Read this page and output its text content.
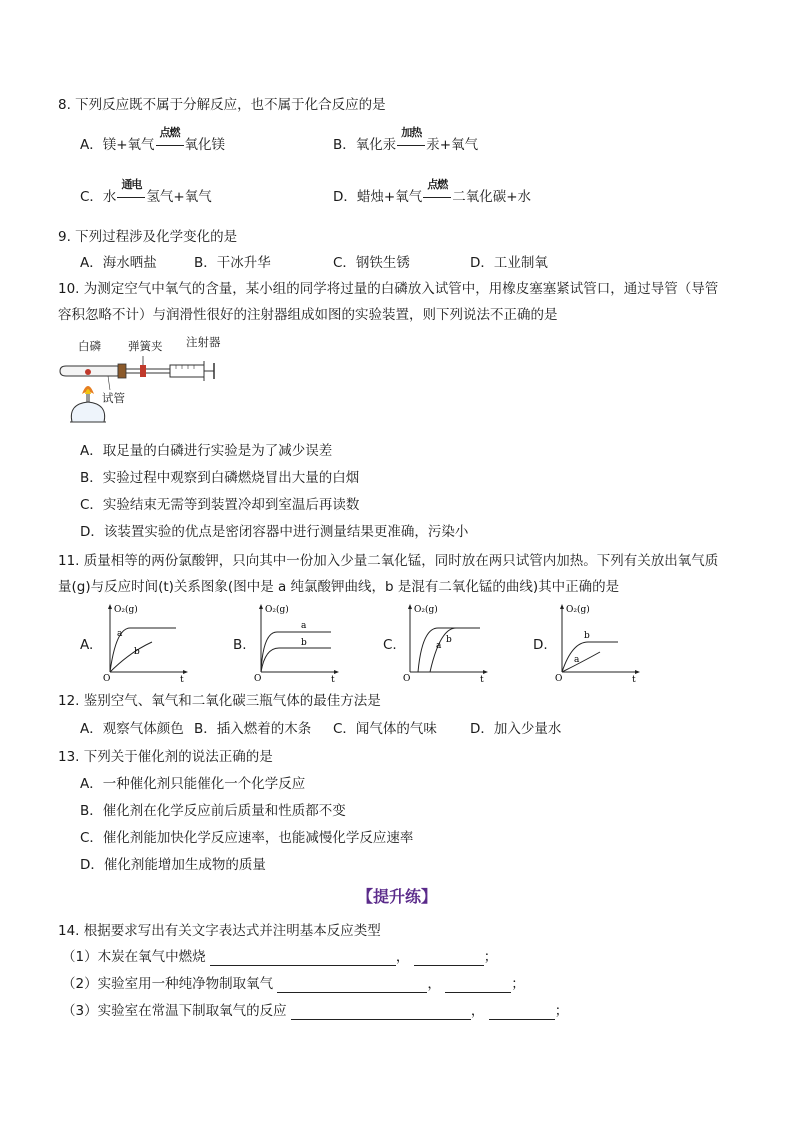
8. 下列反应既不属于分解反应，也不属于化合反应的是
A．镁+氧气
点燃
氧化镁	B．氧化汞
加热
汞+氧气
C．水
通电
氢气+氧气	D．蜡烛+氧气
点燃
二氧化碳+水
9. 下列过程涉及化学变化的是
A．海水晒盐	B．干冰升华	C．钢铁生锈	D．工业制氧
10. 为测定空气中氧气的含量，某小组的同学将过量的白磷放入试管中，用橡皮塞塞紧试管口，通过导管（导管
容积忽略不计）与润滑性很好的注射器组成如图的实验装置，则下列说法不正确的是
白磷 弹簧夹 注射器
试管
A．取足量的白磷进行实验是为了减少误差
B．实验过程中观察到白磷燃烧冒出大量的白烟
C．实验结束无需等到装置冷却到室温后再读数
D．该装置实验的优点是密闭容器中进行测量结果更准确，污染小
11. 质量相等的两份氯酸钾，只向其中一份加入少量二氧化锰，同时放在两只试管内加热。下列有关放出氧气质
量(g)与反应时间(t)关系图象(图中是 a 纯氯酸钾曲线，b 是混有二氧化锰的曲线)其中正确的是
A.	B.	C.	D.
O₂(g)
t
O
a
b
O₂(g)
t
O
a
b
O₂(g)
t
O
a
b
O₂(g)
t
O
a
b
12. 鉴别空气、氧气和二氧化碳三瓶气体的最佳方法是
A．观察气体颜色 B．插入燃着的木条 C．闻气体的气味 D．加入少量水
13. 下列关于催化剂的说法正确的是
A．一种催化剂只能催化一个化学反应
B．催化剂在化学反应前后质量和性质都不变
C．催化剂能加快化学反应速率，也能减慢化学反应速率
D．催化剂能增加生成物的质量
【提升练】
14. 根据要求写出有关文字表达式并注明基本反应类型
（1）木炭在氧气中燃烧	，	；
（2）实验室用一种纯净物制取氧气	，	；
（3）实验室在常温下制取氧气的反应	，	；
